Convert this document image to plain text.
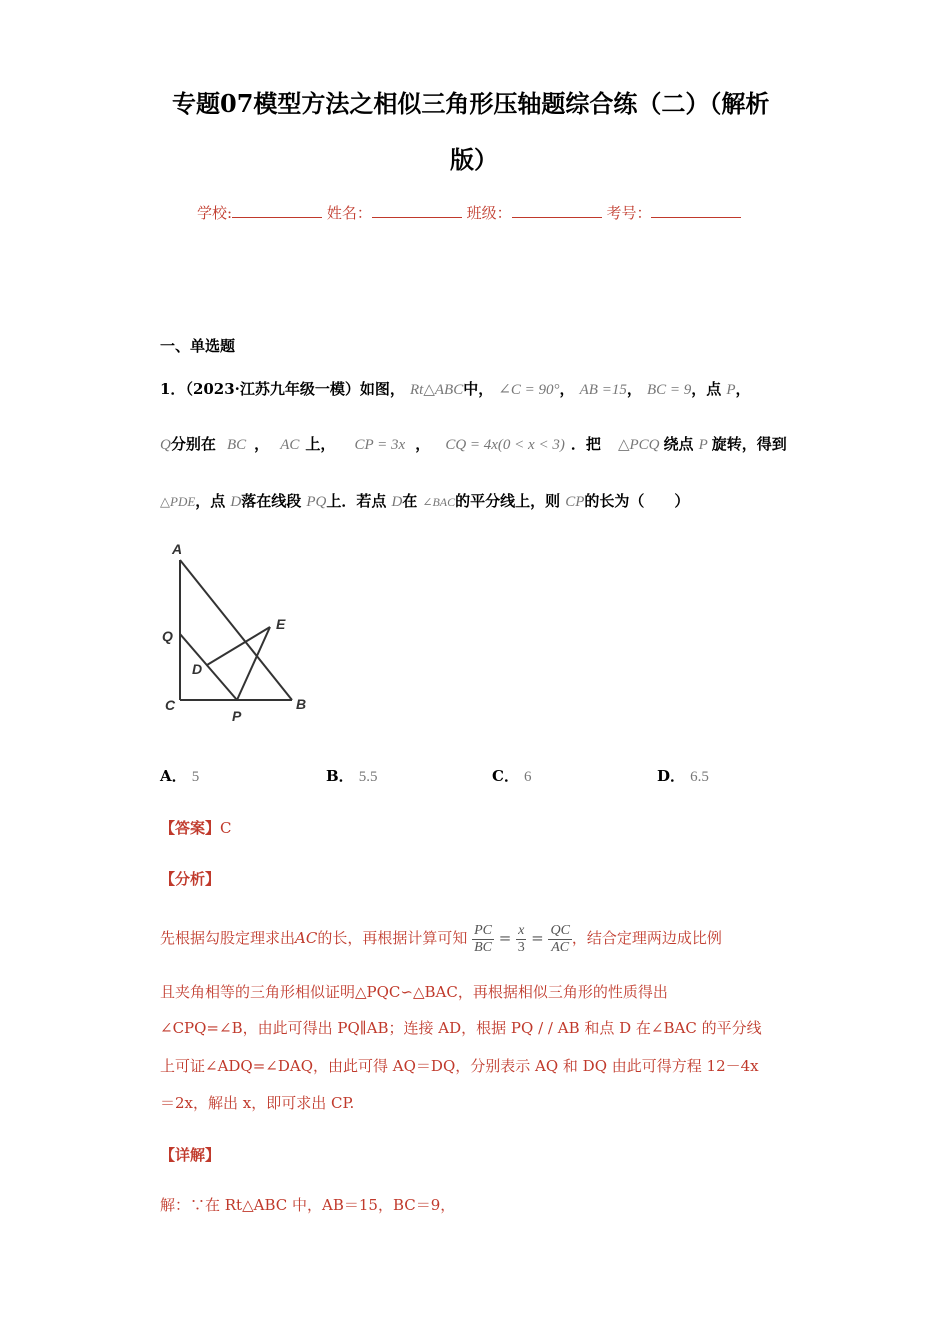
专题07模型方法之相似三角形压轴题综合练（二）（解析
版）
学校:	姓名：	班级：	考号：
一、单选题
1．（2023·江苏九年级一模）如图， Rt△ABC中， ∠C = 90°， AB =15， BC = 9，点 P，
Q分别在 BC ， AC 上， CP = 3x ， CQ = 4x(0 < x < 3) ．把 △PCQ 绕点 P 旋转，得到
△PDE，点 D落在线段 PQ上．若点 D在 ∠BAC的平分线上，则 CP的长为（　　）
A
Q
D
E
C
P
B
A． 5	B． 5.5	C． 6	D． 6.5
【答案】C
【分析】
先根据勾股定理求出AC的长，再根据计算可知 $\frac{PC}{BC} = \frac{x}{3} = \frac{QC}{AC}$ ，结合定理两边成比例
且夹角相等的三角形相似证明△PQC∽△BAC，再根据相似三角形的性质得出
∠CPQ=∠B，由此可得出 PQ∥AB；连接 AD，根据 PQ / / AB 和点 D 在∠BAC 的平分线
上可证∠ADQ=∠DAQ，由此可得 AQ＝DQ，分别表示 AQ 和 DQ 由此可得方程 12－4x
＝2x，解出 x，即可求出 CP.
【详解】
解：∵在 Rt△ABC 中，AB＝15，BC＝9，
